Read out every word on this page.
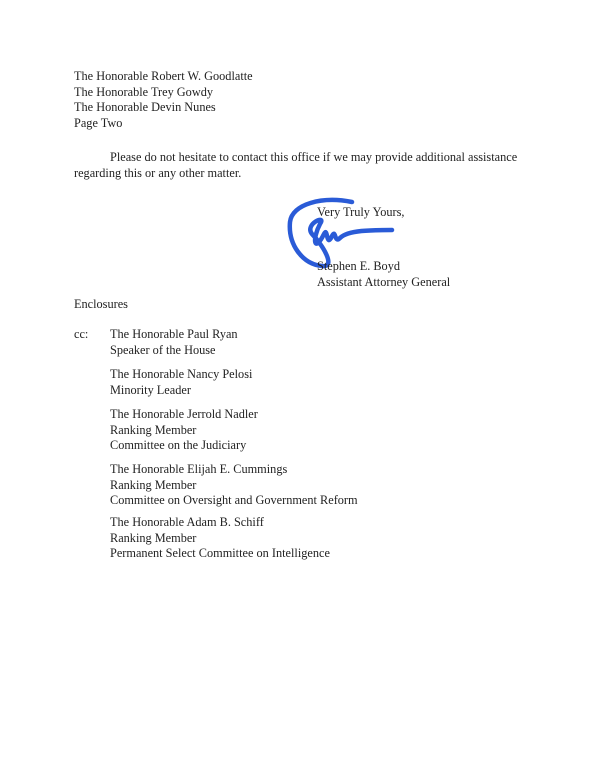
The Honorable Robert W. Goodlatte
The Honorable Trey Gowdy
The Honorable Devin Nunes
Page Two
Please do not hesitate to contact this office if we may provide additional assistance
regarding this or any other matter.
Very Truly Yours,
Stephen E. Boyd
Assistant Attorney General
Enclosures
cc: The Honorable Paul Ryan
Speaker of the House
The Honorable Nancy Pelosi
Minority Leader
The Honorable Jerrold Nadler
Ranking Member
Committee on the Judiciary
The Honorable Elijah E. Cummings
Ranking Member
Committee on Oversight and Government Reform
The Honorable Adam B. Schiff
Ranking Member
Permanent Select Committee on Intelligence
